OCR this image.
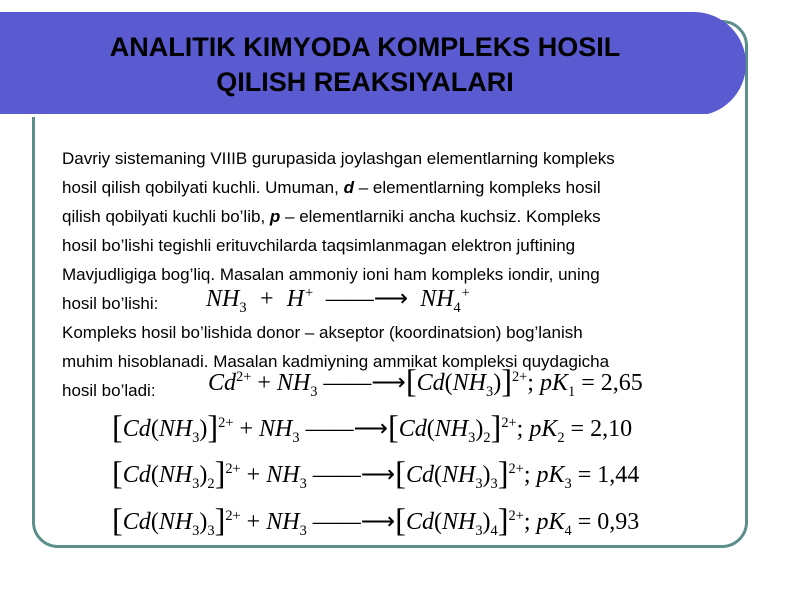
ANALITIK KIMYODA KOMPLEKS HOSIL
QILISH REAKSIYALARI
Davriy sistemaning VIIIB gurupasida joylashgan elementlarning kompleks
hosil qilish qobilyati kuchli. Umuman, d – elementlarning kompleks hosil
qilish qobilyati kuchli bo’lib, p – elementlarniki ancha kuchsiz. Kompleks
hosil bo’lishi tegishli erituvchilarda taqsimlanmagan elektron juftining
Mavjudligiga bog’liq. Masalan ammoniy ioni ham kompleks iondir, uning
hosil bo’lishi:
Kompleks hosil bo’lishida donor – akseptor (koordinatsion) bog’lanish
muhim hisoblanadi. Masalan kadmiyning ammikat kompleksi quydagicha
hosil bo’ladi:
$NH_3 + H^+$ ——⟶  $NH_4^+$
$Cd^{2+} + NH_3$ $——⟶[Cd(NH_3)]^{2+}$; $pK_1 = 2,65$
$[Cd(NH_3)]^{2+} + NH_3$ $——⟶[Cd(NH_3)_2]^{2+}$; $pK_2 = 2,10$
$[Cd(NH_3)_2]^{2+} + NH_3$ $——⟶[Cd(NH_3)_3]^{2+}$; $pK_3 = 1,44$
$[Cd(NH_3)_3]^{2+} + NH_3$ $——⟶[Cd(NH_3)_4]^{2+}$; $pK_4 = 0,93$
